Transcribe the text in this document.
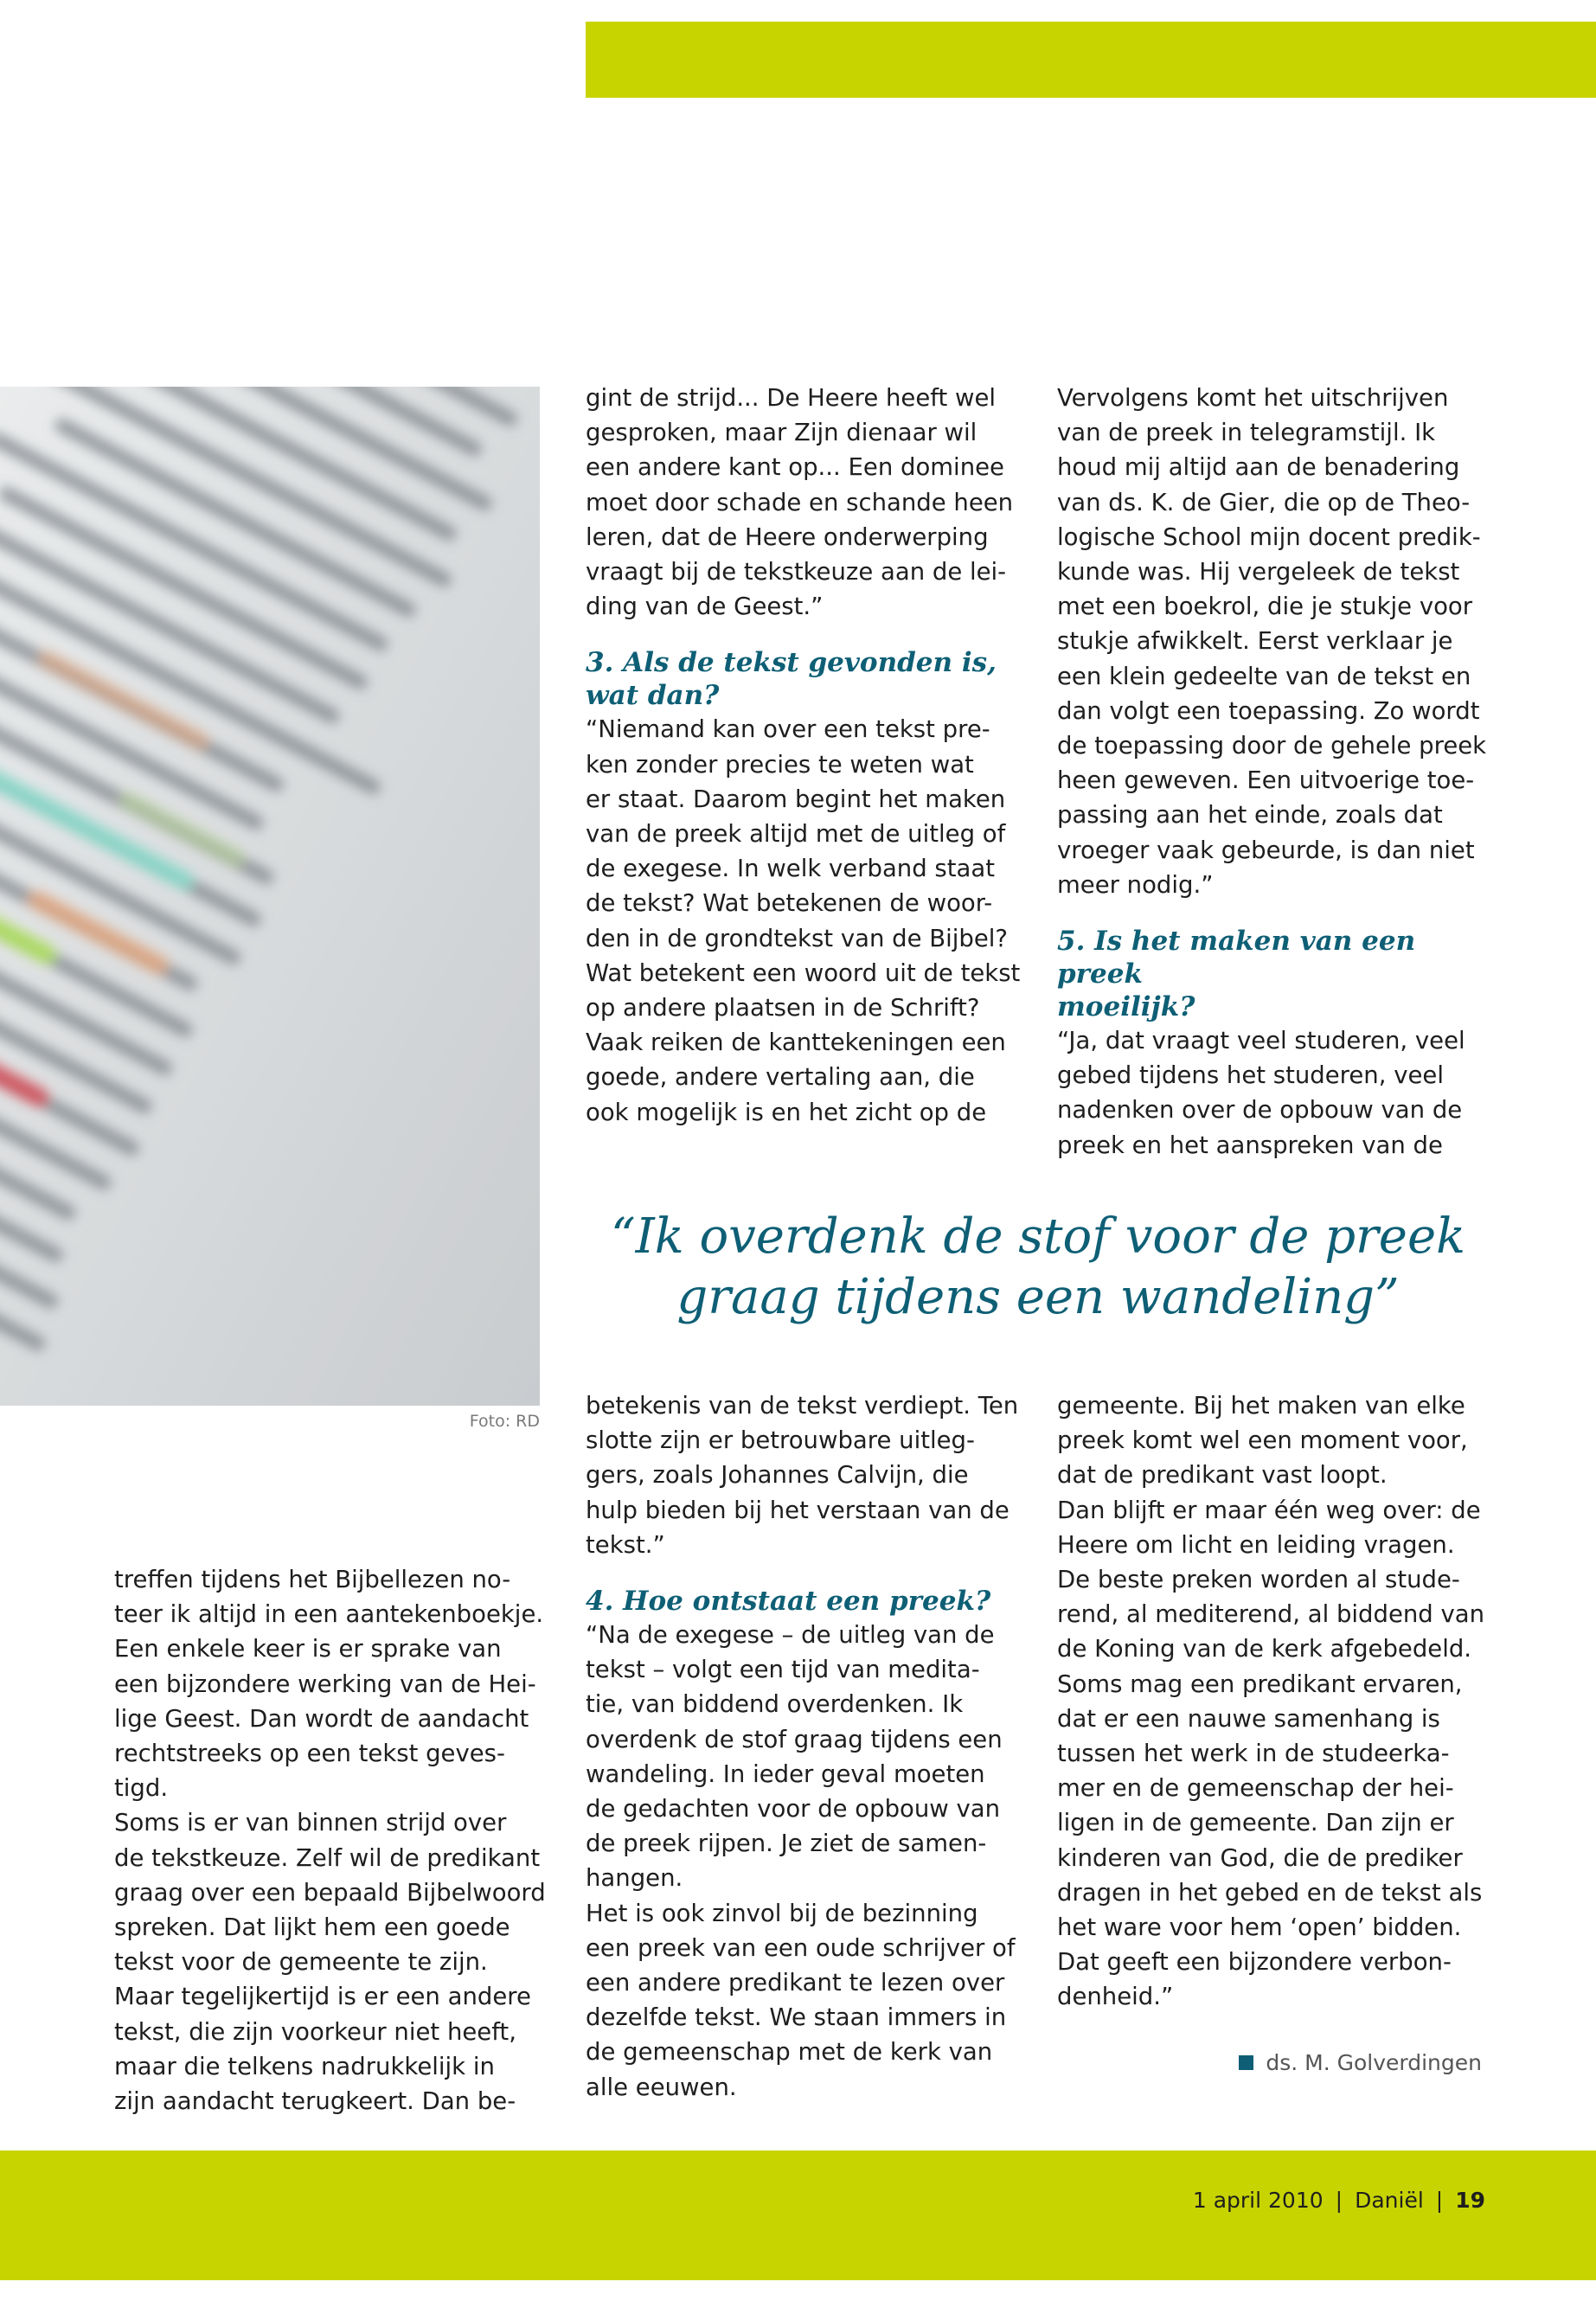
Foto: RD

gint de strijd... De Heere heeft wel
gesproken, maar Zijn dienaar wil
een andere kant op... Een dominee
moet door schade en schande heen
leren, dat de Heere onderwerping
vraagt bij de tekstkeuze aan de lei-
ding van de Geest.”

3. Als de tekst gevonden is,
wat dan?

“Niemand kan over een tekst pre-
ken zonder precies te weten wat
er staat. Daarom begint het maken
van de preek altijd met de uitleg of
de exegese. In welk verband staat
de tekst? Wat betekenen de woor-
den in de grondtekst van de Bijbel?
Wat betekent een woord uit de tekst
op andere plaatsen in de Schrift?
Vaak reiken de kanttekeningen een
goede, andere vertaling aan, die
ook mogelijk is en het zicht op de

Vervolgens komt het uitschrijven
van de preek in telegramstijl. Ik
houd mij altijd aan de benadering
van ds. K. de Gier, die op de Theo-
logische School mijn docent predik-
kunde was. Hij vergeleek de tekst
met een boekrol, die je stukje voor
stukje afwikkelt. Eerst verklaar je
een klein gedeelte van de tekst en
dan volgt een toepassing. Zo wordt
de toepassing door de gehele preek
heen geweven. Een uitvoerige toe-
passing aan het einde, zoals dat
vroeger vaak gebeurde, is dan niet
meer nodig.”

5. Is het maken van een preek
moeilijk?

“Ja, dat vraagt veel studeren, veel
gebed tijdens het studeren, veel
nadenken over de opbouw van de
preek en het aanspreken van de

“Ik overdenk de stof voor de preek
graag tijdens een wandeling”

treffen tijdens het Bijbellezen no-
teer ik altijd in een aantekenboekje.
Een enkele keer is er sprake van
een bijzondere werking van de Hei-
lige Geest. Dan wordt de aandacht
rechtstreeks op een tekst geves-
tigd.

Soms is er van binnen strijd over
de tekstkeuze. Zelf wil de predikant
graag over een bepaald Bijbelwoord
spreken. Dat lijkt hem een goede
tekst voor de gemeente te zijn.
Maar tegelijkertijd is er een andere
tekst, die zijn voorkeur niet heeft,
maar die telkens nadrukkelijk in
zijn aandacht terugkeert. Dan be-

betekenis van de tekst verdiept. Ten
slotte zijn er betrouwbare uitleg-
gers, zoals Johannes Calvijn, die
hulp bieden bij het verstaan van de
tekst.”

4. Hoe ontstaat een preek?

“Na de exegese – de uitleg van de
tekst – volgt een tijd van medita-
tie, van biddend overdenken. Ik
overdenk de stof graag tijdens een
wandeling. In ieder geval moeten
de gedachten voor de opbouw van
de preek rijpen. Je ziet de samen-
hangen.

Het is ook zinvol bij de bezinning
een preek van een oude schrijver of
een andere predikant te lezen over
dezelfde tekst. We staan immers in
de gemeenschap met de kerk van
alle eeuwen.

gemeente. Bij het maken van elke
preek komt wel een moment voor,
dat de predikant vast loopt.

Dan blijft er maar één weg over: de
Heere om licht en leiding vragen.
De beste preken worden al stude-
rend, al mediterend, al biddend van
de Koning van de kerk afgebedeld.
Soms mag een predikant ervaren,
dat er een nauwe samenhang is
tussen het werk in de studeerka-
mer en de gemeenschap der hei-
ligen in de gemeente. Dan zijn er
kinderen van God, die de prediker
dragen in het gebed en de tekst als
het ware voor hem ‘open’ bidden.
Dat geeft een bijzondere verbon-
denheid.”

ds. M. Golverdingen
1 april 2010 | Daniël | 19
